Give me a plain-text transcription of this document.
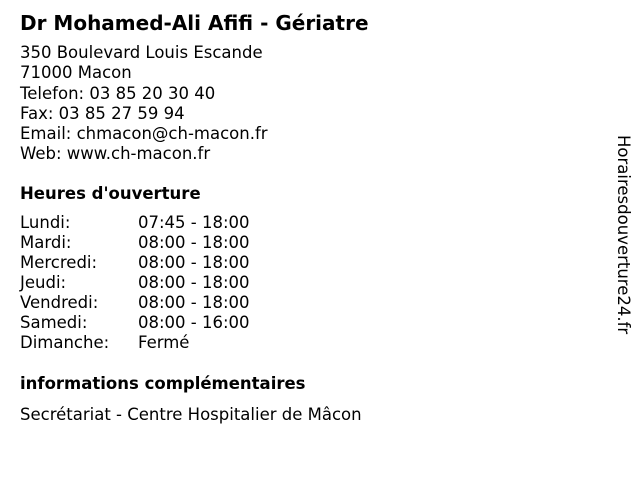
Dr Mohamed-Ali Afifi - Gériatre
350 Boulevard Louis Escande
71000 Macon
Telefon: 03 85 20 30 40
Fax: 03 85 27 59 94
Email: chmacon@ch-macon.fr
Web: www.ch-macon.fr
Heures d'ouverture
Lundi:	07:45 - 18:00
Mardi:	08:00 - 18:00
Mercredi:	08:00 - 18:00
Jeudi:	08:00 - 18:00
Vendredi:	08:00 - 18:00
Samedi:	08:00 - 16:00
Dimanche:	Fermé
informations complémentaires
Secrétariat - Centre Hospitalier de Mâcon
Horairesdouverture24.fr
